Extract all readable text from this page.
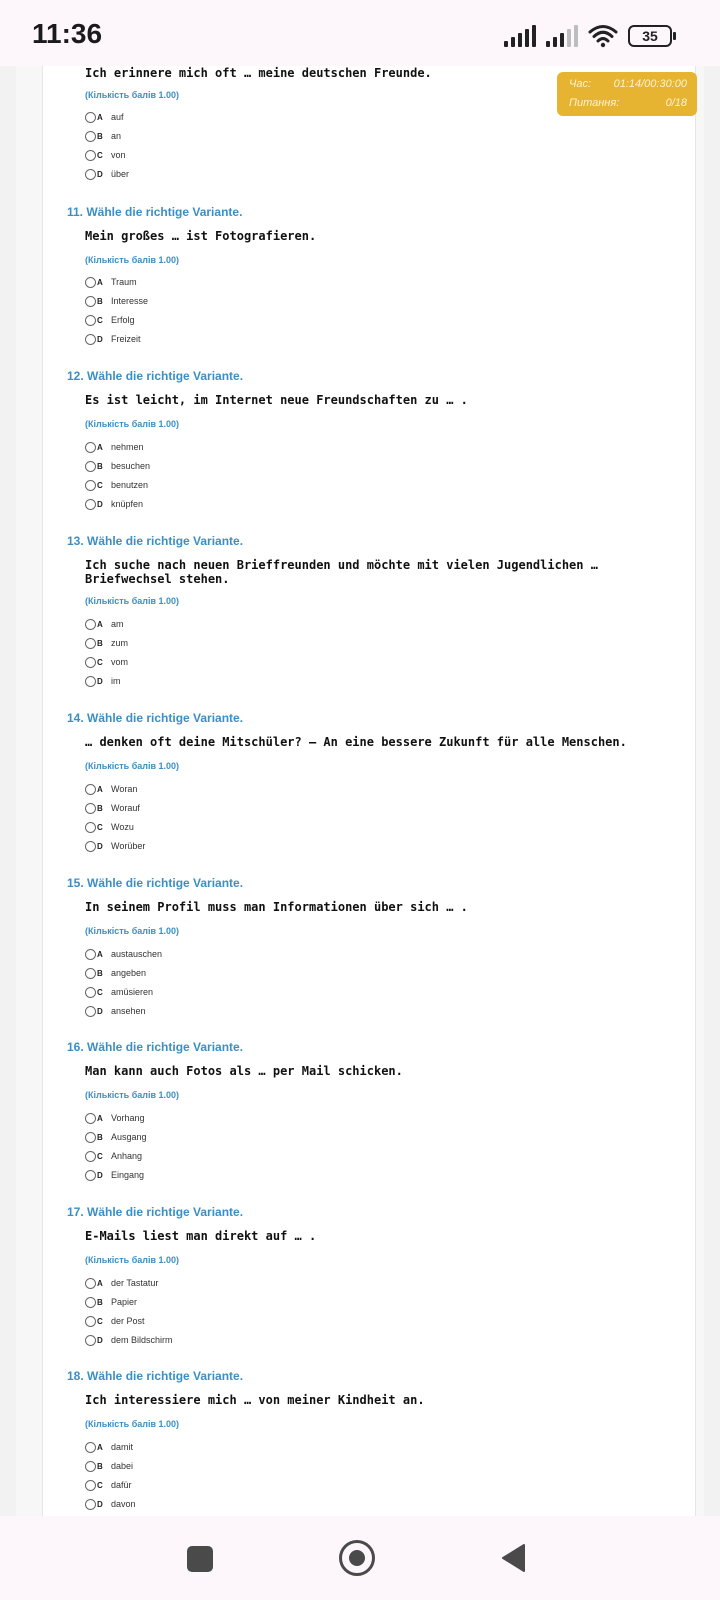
11:36	35
Час: 01:14/00:30:00
Питання:	0/18
Ich erinnere mich oft … meine deutschen Freunde.
(Кількість балів 1.00)
A auf
B an
C von
D über
11. Wähle die richtige Variante.
Mein großes … ist Fotografieren.
(Кількість балів 1.00)
A Traum
B Interesse
C Erfolg
D Freizeit
12. Wähle die richtige Variante.
Es ist leicht, im Internet neue Freundschaften zu … .
(Кількість балів 1.00)
A nehmen
B besuchen
C benutzen
D knüpfen
13. Wähle die richtige Variante.
Ich suche nach neuen Brieffreunden und möchte mit vielen Jugendlichen … Briefwechsel stehen.
(Кількість балів 1.00)
A am
B zum
C vom
D im
14. Wähle die richtige Variante.
… denken oft deine Mitschüler? – An eine bessere Zukunft für alle Menschen.
(Кількість балів 1.00)
A Woran
B Worauf
C Wozu
D Worüber
15. Wähle die richtige Variante.
In seinem Profil muss man Informationen über sich … .
(Кількість балів 1.00)
A austauschen
B angeben
C amüsieren
D ansehen
16. Wähle die richtige Variante.
Man kann auch Fotos als … per Mail schicken.
(Кількість балів 1.00)
A Vorhang
B Ausgang
C Anhang
D Eingang
17. Wähle die richtige Variante.
E-Mails liest man direkt auf … .
(Кількість балів 1.00)
A der Tastatur
B Papier
C der Post
D dem Bildschirm
18. Wähle die richtige Variante.
Ich interessiere mich … von meiner Kindheit an.
(Кількість балів 1.00)
A damit
B dabei
C dafür
D davon
